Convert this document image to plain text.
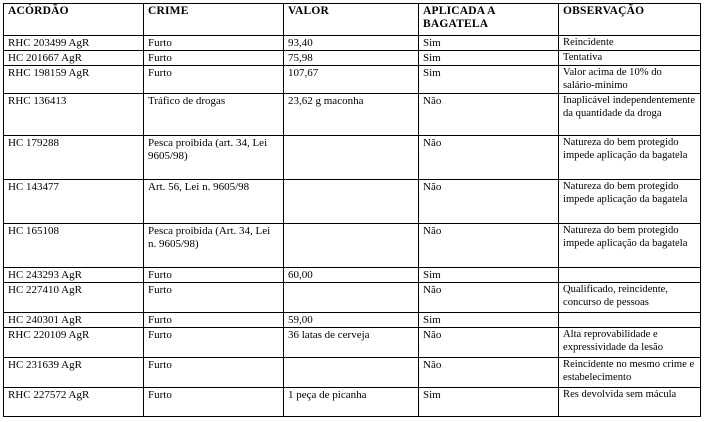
ACÓRDÃO	CRIME	VALOR	APLICADA A BAGATELA	OBSERVAÇÃO
RHC 203499 AgR	Furto	93,40	Sim	Reincidente
HC 201667 AgR	Furto	75,98	Sim	Tentativa
RHC 198159 AgR	Furto	107,67	Sim	Valor acima de 10% do salário-mínimo
RHC 136413	Tráfico de drogas	23,62 g maconha	Não	Inaplicável independentemente da quantidade da droga
HC 179288	Pesca proibida (art. 34, Lei 9605/98)		Não	Natureza do bem protegido impede aplicação da bagatela
HC 143477	Art. 56, Lei n. 9605/98		Não	Natureza do bem protegido impede aplicação da bagatela
HC 165108	Pesca proibida (Art. 34, Lei n. 9605/98)		Não	Natureza do bem protegido impede aplicação da bagatela
HC 243293 AgR	Furto	60,00	Sim	
HC 227410 AgR	Furto		Não	Qualificado, reincidente, concurso de pessoas
HC 240301 AgR	Furto	59,00	Sim	
RHC 220109 AgR	Furto	36 latas de cerveja	Não	Alta reprovabilidade e expressividade da lesão
HC 231639 AgR	Furto		Não	Reincidente no mesmo crime e estabelecimento
RHC 227572 AgR	Furto	1 peça de picanha	Sim	Res devolvida sem mácula
